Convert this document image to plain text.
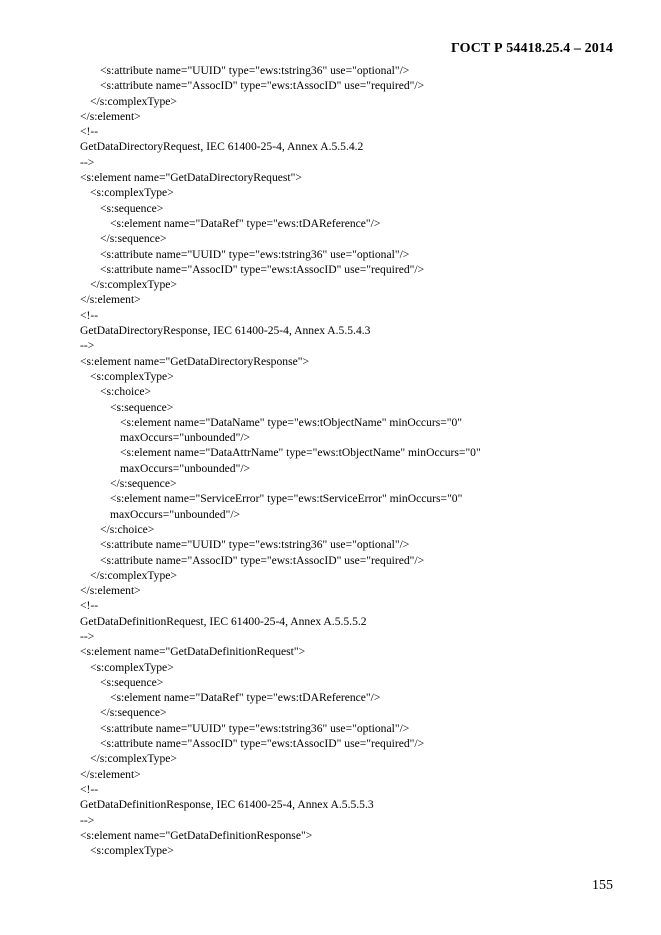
ГОСТ Р 54418.25.4 – 2014
<s:attribute name="UUID" type="ews:tstring36" use="optional"/>
<s:attribute name="AssocID" type="ews:tAssocID" use="required"/>
</s:complexType>
</s:element>
<!--
GetDataDirectoryRequest, IEC 61400-25-4, Annex A.5.5.4.2
-->
<s:element name="GetDataDirectoryRequest">
<s:complexType>
<s:sequence>
<s:element name="DataRef" type="ews:tDAReference"/>
</s:sequence>
<s:attribute name="UUID" type="ews:tstring36" use="optional"/>
<s:attribute name="AssocID" type="ews:tAssocID" use="required"/>
</s:complexType>
</s:element>
<!--
GetDataDirectoryResponse, IEC 61400-25-4, Annex A.5.5.4.3
-->
<s:element name="GetDataDirectoryResponse">
<s:complexType>
<s:choice>
<s:sequence>
<s:element name="DataName" type="ews:tObjectName" minOccurs="0"
maxOccurs="unbounded"/>
<s:element name="DataAttrName" type="ews:tObjectName" minOccurs="0"
maxOccurs="unbounded"/>
</s:sequence>
<s:element name="ServiceError" type="ews:tServiceError" minOccurs="0"
maxOccurs="unbounded"/>
</s:choice>
<s:attribute name="UUID" type="ews:tstring36" use="optional"/>
<s:attribute name="AssocID" type="ews:tAssocID" use="required"/>
</s:complexType>
</s:element>
<!--
GetDataDefinitionRequest, IEC 61400-25-4, Annex A.5.5.5.2
-->
<s:element name="GetDataDefinitionRequest">
<s:complexType>
<s:sequence>
<s:element name="DataRef" type="ews:tDAReference"/>
</s:sequence>
<s:attribute name="UUID" type="ews:tstring36" use="optional"/>
<s:attribute name="AssocID" type="ews:tAssocID" use="required"/>
</s:complexType>
</s:element>
<!--
GetDataDefinitionResponse, IEC 61400-25-4, Annex A.5.5.5.3
-->
<s:element name="GetDataDefinitionResponse">
<s:complexType>
155
